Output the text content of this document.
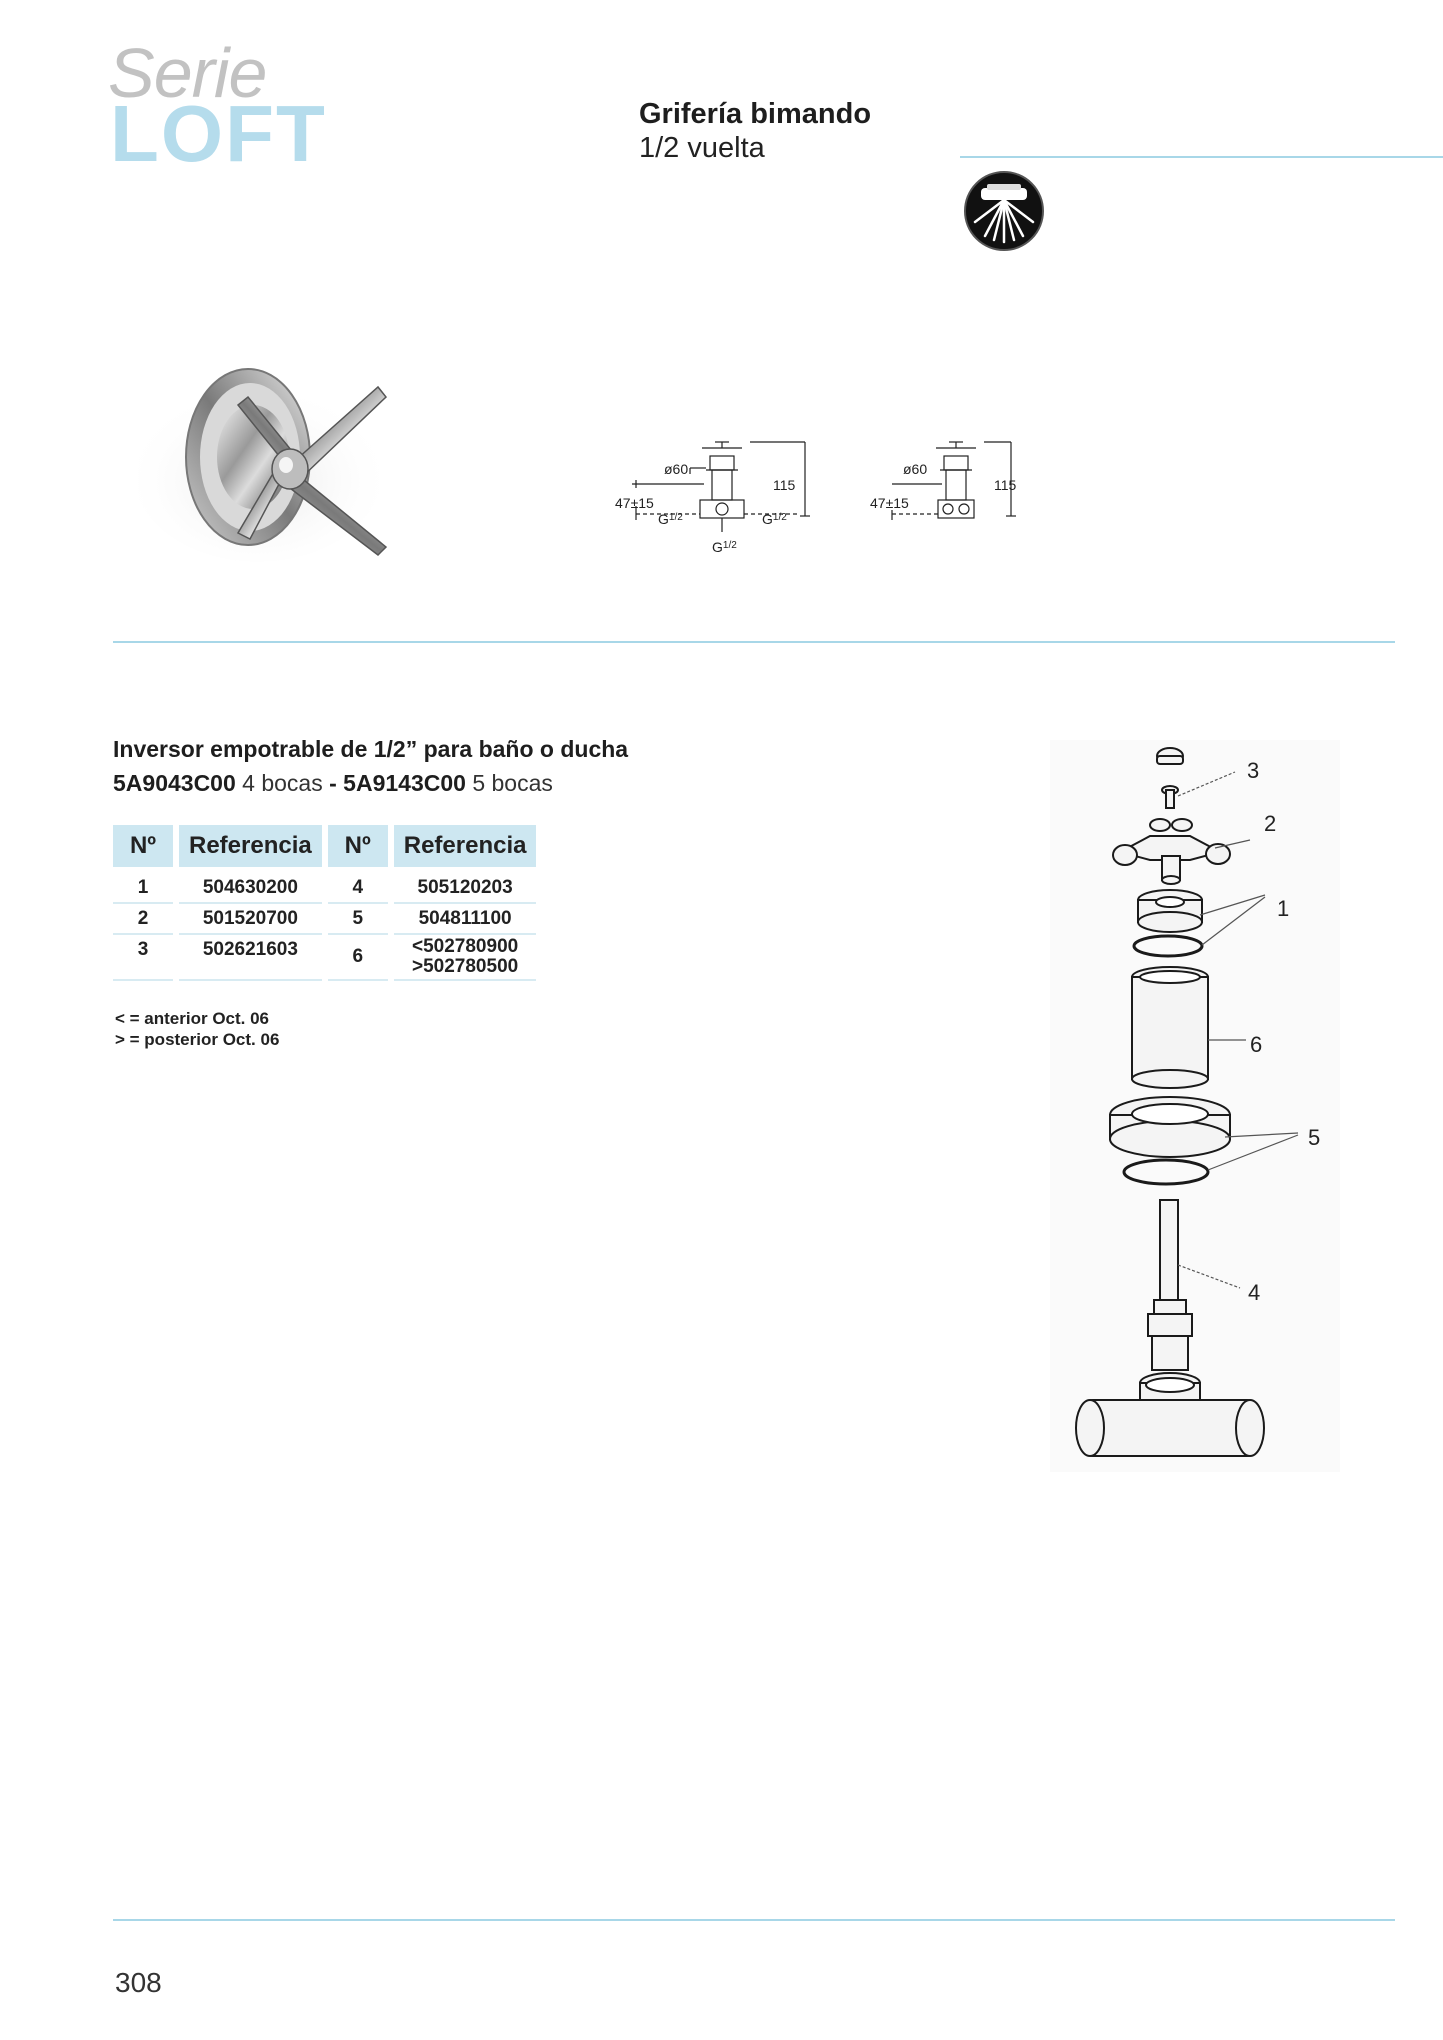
Serie
LOFT	Grifería bimando
1/2 vuelta
ø60
115
47±15
$G^{1/2}$	$G^{1/2}$
$G^{1/2}$
ø60
115
47±15
Inversor empotrable de 1/2” para baño o ducha
5A9043C00 4 bocas - 5A9143C00 5 bocas
Nº	Referencia	Nº	Referencia
1	504630200	4	505120203
2	501520700	5	504811100
3	502621603	6	<502780900
>502780500
< = anterior Oct. 06
> = posterior Oct. 06
3
2
1
6
5
4
308
